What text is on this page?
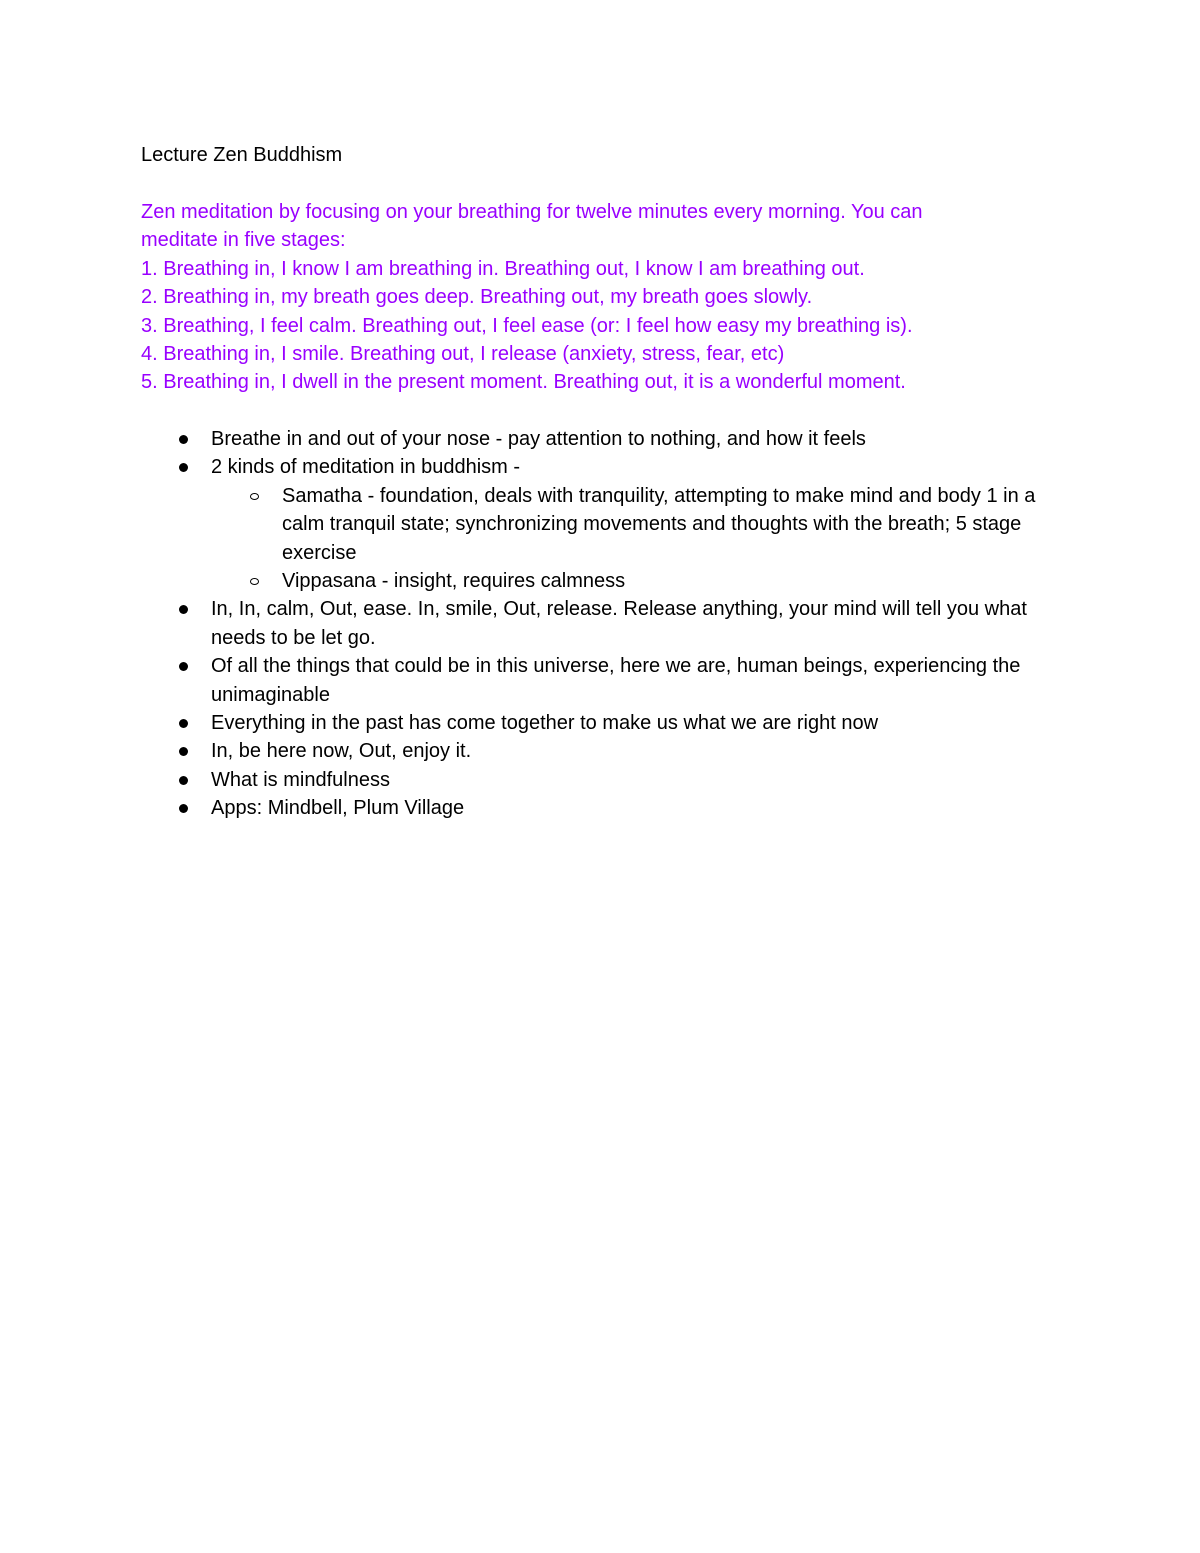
Lecture Zen Buddhism

Zen meditation by focusing on your breathing for twelve minutes every morning. You can

meditate in five stages:

1. Breathing in, I know I am breathing in. Breathing out, I know I am breathing out.

2. Breathing in, my breath goes deep. Breathing out, my breath goes slowly.

3. Breathing, I feel calm. Breathing out, I feel ease (or: I feel how easy my breathing is).

4. Breathing in, I smile. Breathing out, I release (anxiety, stress, fear, etc)

5. Breathing in, I dwell in the present moment. Breathing out, it is a wonderful moment.

Breathe in and out of your nose - pay attention to nothing, and how it feels
2 kinds of meditation in buddhism -
Samatha - foundation, deals with tranquility, attempting to make mind and body 1 in a calm tranquil state; synchronizing movements and thoughts with the breath; 5 stage exercise
Vippasana - insight, requires calmness
In, In, calm, Out, ease. In, smile, Out, release. Release anything, your mind will tell you what needs to be let go.
Of all the things that could be in this universe, here we are, human beings, experiencing the unimaginable
Everything in the past has come together to make us what we are right now
In, be here now, Out, enjoy it.
What is mindfulness
Apps: Mindbell, Plum Village
